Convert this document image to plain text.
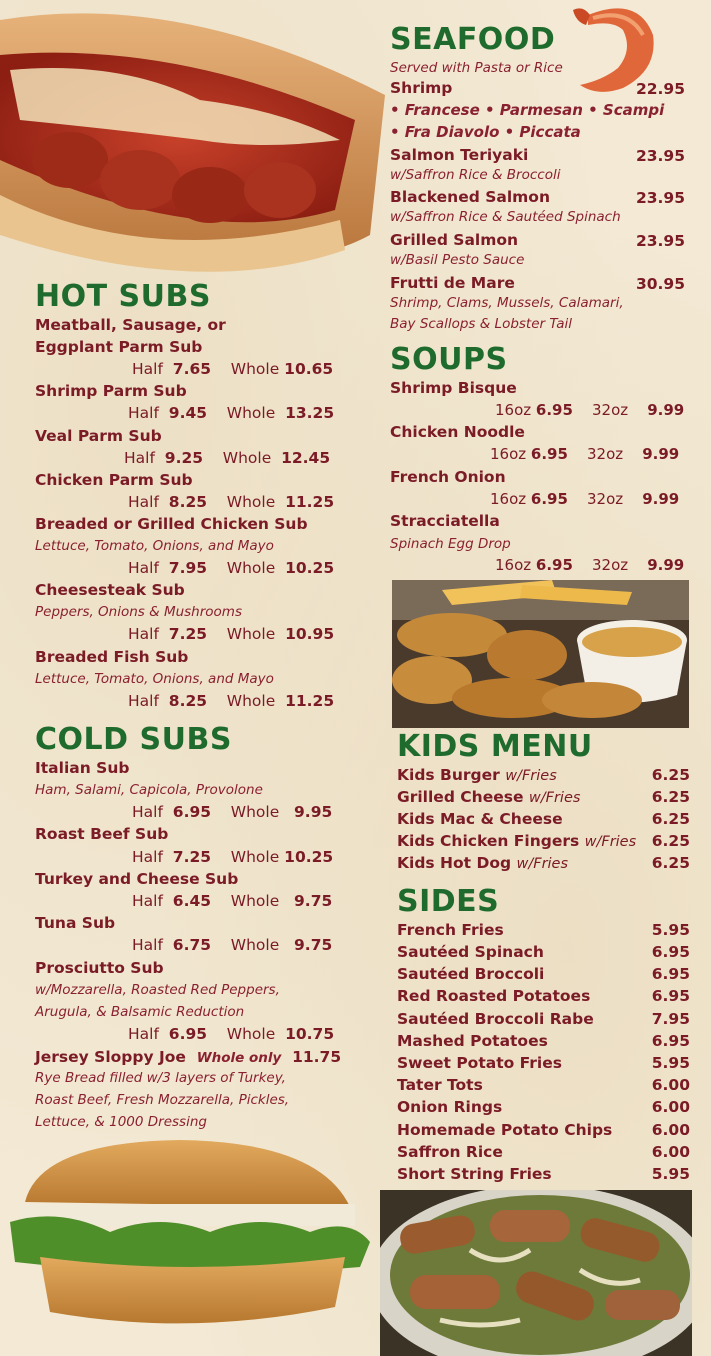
SEAFOOD
Served with Pasta or Rice
Shrimp	22.95
• Francese • Parmesan • Scampi
• Fra Diavolo • Piccata
Salmon Teriyaki	23.95
w/Saffron Rice & Broccoli
Blackened Salmon	23.95
w/Saffron Rice & Sautéed Spinach
Grilled Salmon	23.95
w/Basil Pesto Sauce
Frutti de Mare	30.95
Shrimp, Clams, Mussels, Calamari,
Bay Scallops & Lobster Tail
HOT SUBS
Meatball, Sausage, or
Eggplant Parm Sub
Half 7.65 Whole 10.65
Shrimp Parm Sub
Half 9.45 Whole 13.25
Veal Parm Sub
Half 9.25 Whole 12.45
Chicken Parm Sub
Half 8.25 Whole 11.25
Breaded or Grilled Chicken Sub
Lettuce, Tomato, Onions, and Mayo
Half 7.95 Whole 10.25
Cheesesteak Sub
Peppers, Onions & Mushrooms
Half 7.25 Whole 10.95
Breaded Fish Sub
Lettuce, Tomato, Onions, and Mayo
Half 8.25 Whole 11.25
COLD SUBS
Italian Sub
Ham, Salami, Capicola, Provolone
Half 6.95 Whole 9.95
Roast Beef Sub
Half 7.25 Whole 10.25
Turkey and Cheese Sub
Half 6.45 Whole 9.75
Tuna Sub
Half 6.75 Whole 9.75
Prosciutto Sub
w/Mozzarella, Roasted Red Peppers,
Arugula, & Balsamic Reduction
Half 6.95 Whole 10.75
Jersey Sloppy Joe Whole only 11.75
Rye Bread filled w/3 layers of Turkey,
Roast Beef, Fresh Mozzarella, Pickles,
Lettuce, & 1000 Dressing
SOUPS
Shrimp Bisque
16oz 6.95 32oz 9.99
Chicken Noodle
16oz 6.95 32oz 9.99
French Onion
16oz 6.95 32oz 9.99
Stracciatella
Spinach Egg Drop
16oz 6.95 32oz 9.99
KIDS MENU
Kids Burger w/Fries	6.25
Grilled Cheese w/Fries	6.25
Kids Mac & Cheese	6.25
Kids Chicken Fingers w/Fries	6.25
Kids Hot Dog w/Fries	6.25
SIDES
French Fries	5.95
Sautéed Spinach	6.95
Sautéed Broccoli	6.95
Red Roasted Potatoes	6.95
Sautéed Broccoli Rabe	7.95
Mashed Potatoes	6.95
Sweet Potato Fries	5.95
Tater Tots	6.00
Onion Rings	6.00
Homemade Potato Chips	6.00
Saffron Rice	6.00
Short String Fries	5.95
